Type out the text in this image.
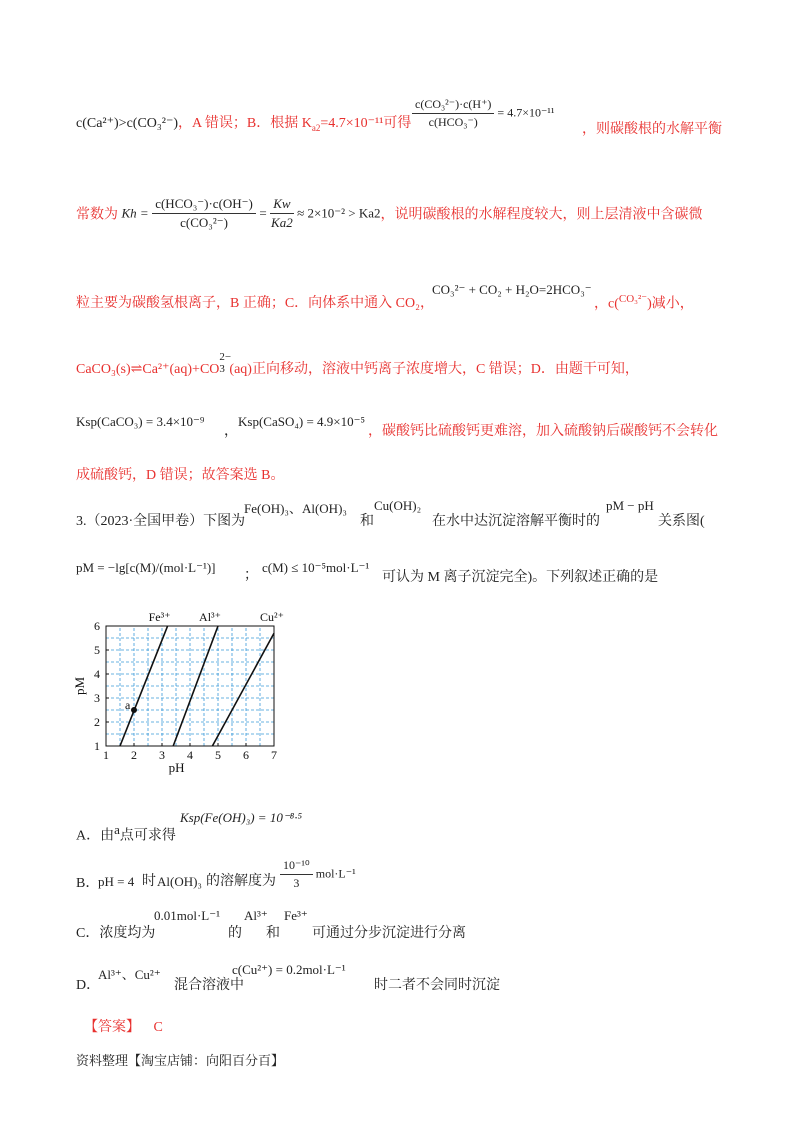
c(Ca²⁺)>c(CO₃²⁻)，A 错误；B．根据 $K_{a2}=4.7\times 10^{-11}$可得 $\frac{\text{c(CO₃²⁻)·c(H⁺)}}{\text{c(HCO₃⁻)}} = 4.7\times 10^{-11}$
，则碳酸根的水解平衡
常数为 $Kh = \frac{\text{c(HCO₃⁻)·c(OH⁻)}}{\text{c(CO₃²⁻)}} = \frac{Kw}{Ka2} \approx 2\times 10^{-2} > Ka2$，说明碳酸根的水解程度较大，则上层清液中含碳微
粒主要为碳酸氢根离子，B 正确；C．向体系中通入 CO₂，
CO₃²⁻ + CO₂ + H₂O=2HCO₃⁻
，c($^{CO_3^{2-}}$)减小，
CaCO₃(s)⇌Ca²⁺(aq)+CO
2−
3 (aq)正向移动，溶液中钙离子浓度增大，C 错误；D．由题干可知，
Ksp(CaCO₃) = 3.4×10⁻⁹
，
Ksp(CaSO₄) = 4.9×10⁻⁵
，碳酸钙比硫酸钙更难溶，加入硫酸钠后碳酸钙不会转化
成硫酸钙，D 错误；故答案选 B。
3.（2023·全国甲卷）下图为
Fe(OH)₃、Al(OH)₃
和
Cu(OH)₂
在水中达沉淀溶解平衡时的
pM − pH
关系图(
pM = −lg[c(M)/(mol·L⁻¹)]
；
c(M) ≤ 10⁻⁵mol·L⁻¹
可认为 M 离子沉淀完全)。下列叙述正确的是
1 2 3 4 5 6 7
1
2
3
4
5
6
pH
pM
Fe³⁺ Al³⁺	Cu²⁺
a
A．由a点可求得
Ksp(Fe(OH)₃) = 10⁻⁸·⁵
B．
pH = 4 时 Al(OH)₃ 的溶解度为 $\frac{\text{10⁻¹⁰}}{3} mol\cdot L^{-1}$
C．浓度均为
0.01mol·L⁻¹
的
Al³⁺
和
Fe³⁺
可通过分步沉淀进行分离
D．
Al³⁺、Cu²⁺
混合溶液中
c(Cu²⁺) = 0.2mol·L⁻¹
时二者不会同时沉淀
【答案】 C
资料整理【淘宝店铺：向阳百分百】
